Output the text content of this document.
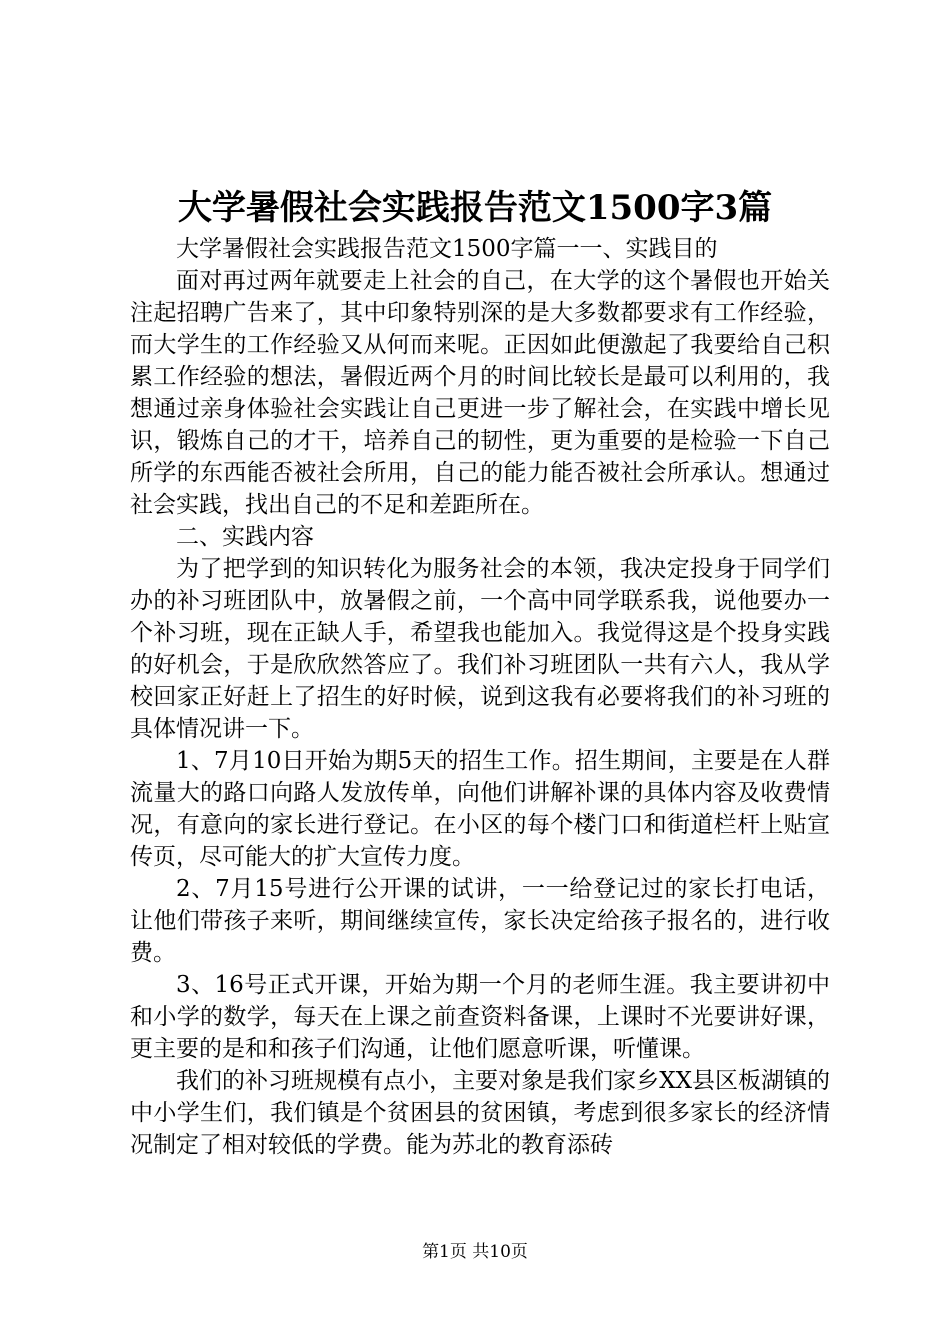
大学暑假社会实践报告范文1500字3篇

大学暑假社会实践报告范文1500字篇一一、实践目的

面对再过两年就要走上社会的自己，在大学的这个暑假也开始关注起招聘广告来了，其中印象特别深的是大多数都要求有工作经验，而大学生的工作经验又从何而来呢。正因如此便激起了我要给自己积累工作经验的想法，暑假近两个月的时间比较长是最可以利用的，我想通过亲身体验社会实践让自己更进一步了解社会，在实践中增长见识，锻炼自己的才干，培养自己的韧性，更为重要的是检验一下自己所学的东西能否被社会所用，自己的能力能否被社会所承认。想通过社会实践，找出自己的不足和差距所在。

二、实践内容

为了把学到的知识转化为服务社会的本领，我决定投身于同学们办的补习班团队中，放暑假之前，一个高中同学联系我，说他要办一个补习班，现在正缺人手，希望我也能加入。我觉得这是个投身实践的好机会，于是欣欣然答应了。我们补习班团队一共有六人，我从学校回家正好赶上了招生的好时候，说到这我有必要将我们的补习班的具体情况讲一下。

1、7月10日开始为期5天的招生工作。招生期间，主要是在人群流量大的路口向路人发放传单，向他们讲解补课的具体内容及收费情况，有意向的家长进行登记。在小区的每个楼门口和街道栏杆上贴宣传页，尽可能大的扩大宣传力度。

2、7月15号进行公开课的试讲，一一给登记过的家长打电话，让他们带孩子来听，期间继续宣传，家长决定给孩子报名的，进行收费。

3、16号正式开课，开始为期一个月的老师生涯。我主要讲初中和小学的数学，每天在上课之前查资料备课，上课时不光要讲好课，更主要的是和和孩子们沟通，让他们愿意听课，听懂课。

我们的补习班规模有点小，主要对象是我们家乡XX县区板湖镇的中小学生们，我们镇是个贫困县的贫困镇，考虑到很多家长的经济情况制定了相对较低的学费。能为苏北的教育添砖

第1页 共10页
